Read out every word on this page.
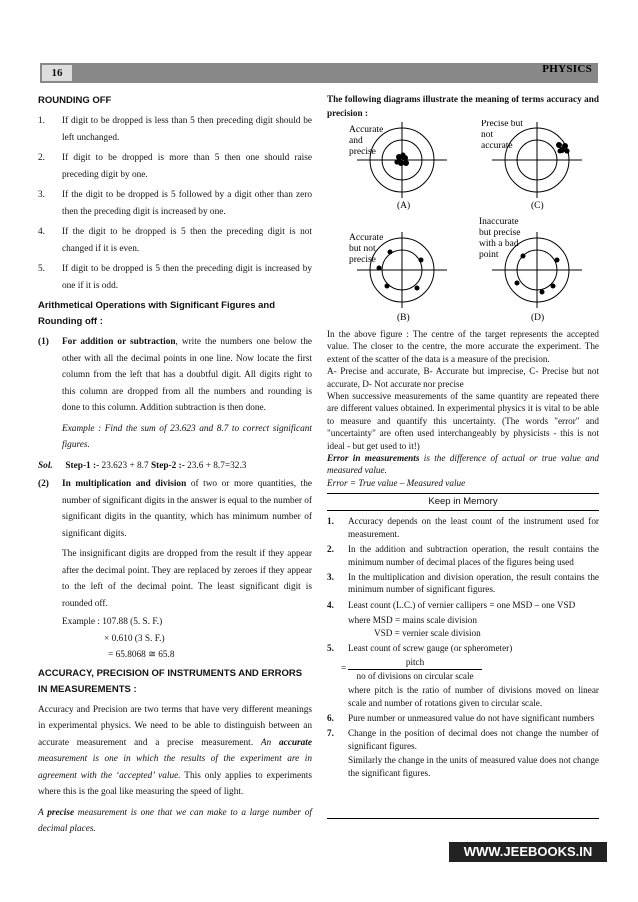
16	PHYSICS
ROUNDING OFF
1. If digit to be dropped is less than 5 then preceding digit should be left unchanged.
2. If digit to be dropped is more than 5 then one should raise preceding digit by one.
3. If the digit to be dropped is 5 followed by a digit other than zero then the preceding digit is increased by one.
4. If the digit to be dropped is 5 then the preceding digit is not changed if it is even.
5. If digit to be dropped is 5 then the preceding digit is increased by one if it is odd.
Arithmetical Operations with Significant Figures and Rounding off :
(1) For addition or subtraction, write the numbers one below the other with all the decimal points in one line. Now locate the first column from the left that has a doubtful digit. All digits right to this column are dropped from all the numbers and rounding is done to this column. Addition subtraction is then done.
Example : Find the sum of 23.623 and 8.7 to correct significant figures.
Sol. Step-1 :- 23.623 + 8.7 Step-2 :- 23.6 + 8.7=32.3
(2) In multiplication and division of two or more quantities, the number of significant digits in the answer is equal to the number of significant digits in the quantity, which has minimum number of significant digits.
The insignificant digits are dropped from the result if they appear after the decimal point. They are replaced by zeroes if they appear to the left of the decimal point. The least significant digit is rounded off.
Example : 107.88 (5. S. F.)
× 0.610 (3 S. F.)
= 65.8068 ≅ 65.8
ACCURACY, PRECISION OF INSTRUMENTS AND ERRORS IN MEASUREMENTS :
Accuracy and Precision are two terms that have very different meanings in experimental physics. We need to be able to distinguish between an accurate measurement and a precise measurement. An accurate measurement is one in which the results of the experiment are in agreement with the ‘accepted’ value. This only applies to experiments where this is the goal like measuring the speed of light.
A precise measurement is one that we can make to a large number of decimal places.
The following diagrams illustrate the meaning of terms accuracy and precision :
Accurate
and
precise
(A)
Precise but
not
accurate
(C)
Accurate
but not
precise
(B)
Inaccurate
but precise
with a bad
point
(D)
In the above figure : The centre of the target represents the accepted value. The closer to the centre, the more accurate the experiment. The extent of the scatter of the data is a measure of the precision.
A- Precise and accurate, B- Accurate but imprecise, C- Precise but not accurate, D- Not accurate nor precise
When successive measurements of the same quantity are repeated there are different values obtained. In experimental physics it is vital to be able to measure and quantify this uncertainty. (The words "error" and "uncertainty" are often used interchangeably by physicists - this is not ideal - but get used to it!)
Error in measurements is the difference of actual or true value and measured value.
Error = True value – Measured value
Keep in Memory
1. Accuracy depends on the least count of the instrument used for measurement.
2. In the addition and subtraction operation, the result contains the minimum number of decimal places of the figures being used
3. In the multiplication and division operation, the result contains the minimum number of significant figures.
4. Least count (L.C.) of vernier callipers = one MSD – one VSD
where MSD = mains scale division
VSD = vernier scale division
5. Least count of screw gauge (or spherometer)
= $\frac{\text{pitch}}{\text{no of divisions on circular scale}}$
where pitch is the ratio of number of divisions moved on linear scale and number of rotations given to circular scale.
6. Pure number or unmeasured value do not have significant numbers
7. Change in the position of decimal does not change the number of significant figures.
Similarly the change in the units of measured value does not change the significant figures.
WWW.JEEBOOKS.IN
